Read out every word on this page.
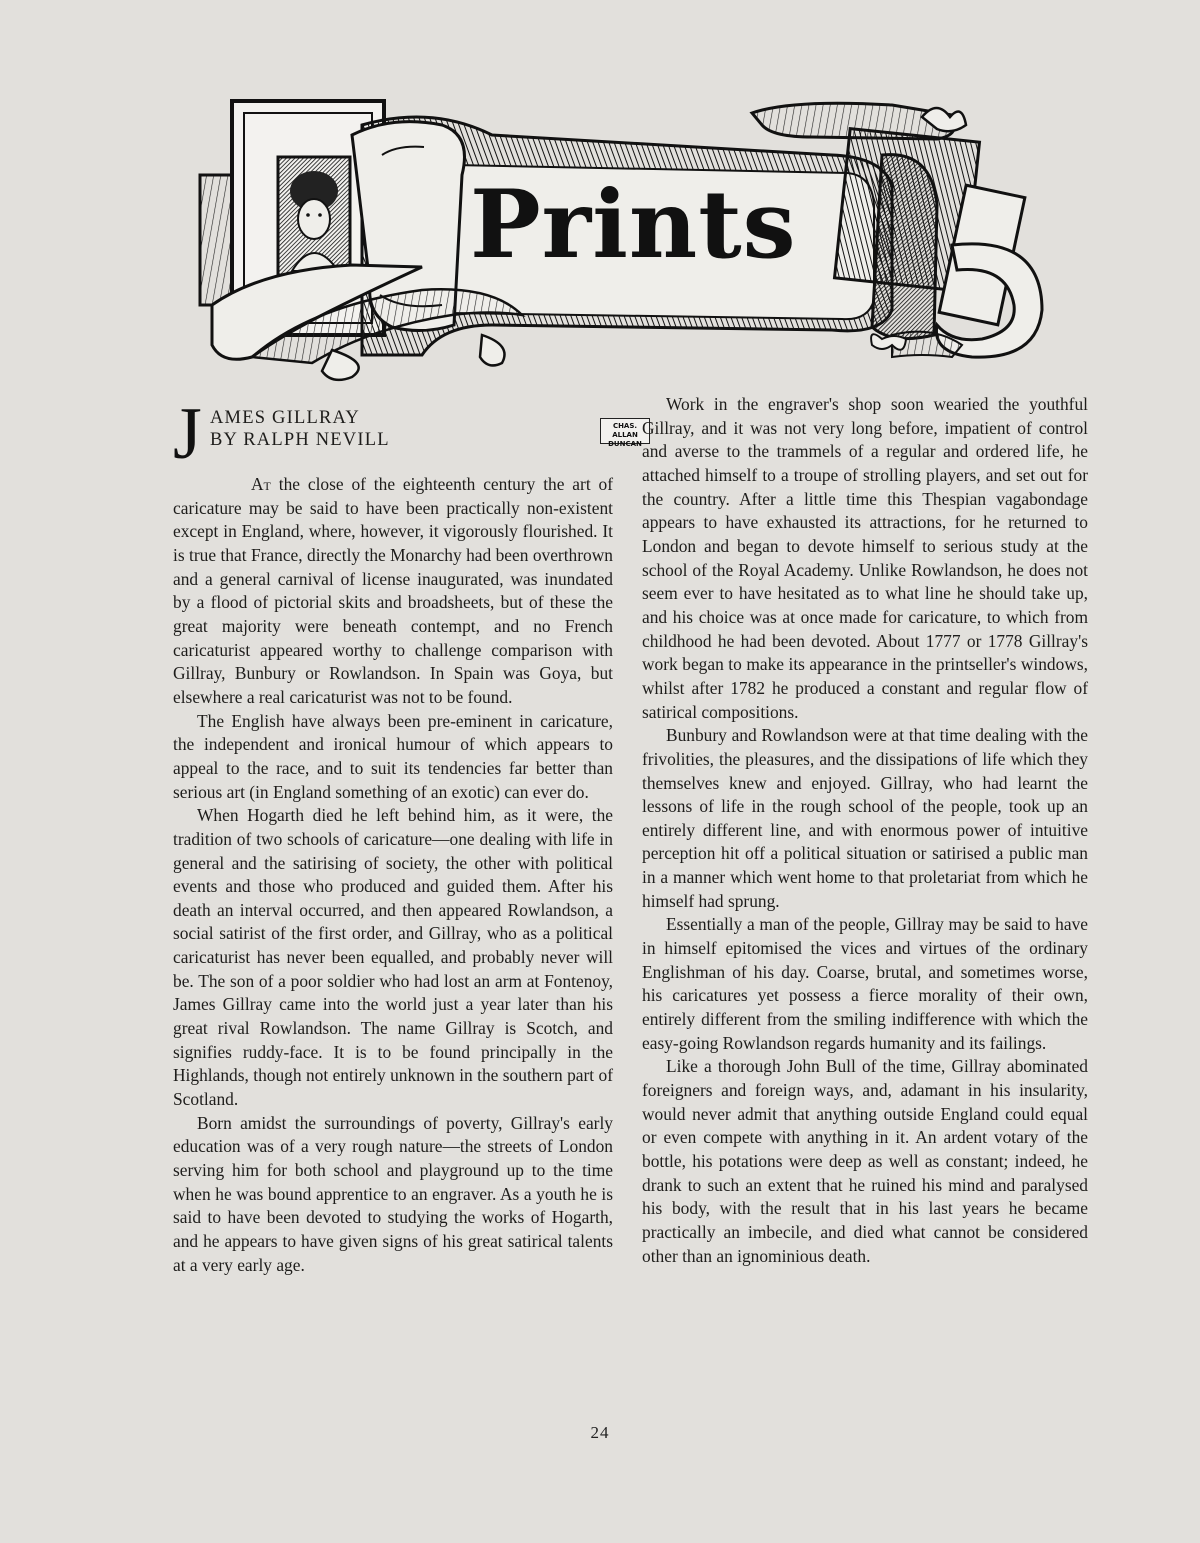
CHAS. ALLAN DUNCAN
Prints
J AMES GILLRAY
BY RALPH NEVILL

At the close of the eighteenth century the art of caricature may be said to have been practically non-existent except in England, where, however, it vigorously flourished. It is true that France, directly the Monarchy had been overthrown and a general carnival of license inaugurated, was inundated by a flood of pictorial skits and broadsheets, but of these the great majority were beneath contempt, and no French caricaturist appeared worthy to challenge comparison with Gillray, Bunbury or Rowlandson. In Spain was Goya, but elsewhere a real caricaturist was not to be found.

The English have always been pre-eminent in caricature, the independent and ironical humour of which appears to appeal to the race, and to suit its tendencies far better than serious art (in England something of an exotic) can ever do.

When Hogarth died he left behind him, as it were, the tradition of two schools of caricature—one dealing with life in general and the satirising of society, the other with political events and those who produced and guided them. After his death an interval occurred, and then appeared Rowlandson, a social satirist of the first order, and Gillray, who as a political caricaturist has never been equalled, and probably never will be. The son of a poor soldier who had lost an arm at Fontenoy, James Gillray came into the world just a year later than his great rival Rowlandson. The name Gillray is Scotch, and signifies ruddy-face. It is to be found principally in the Highlands, though not entirely unknown in the southern part of Scotland.

Born amidst the surroundings of poverty, Gillray's early education was of a very rough nature—the streets of London serving him for both school and playground up to the time when he was bound apprentice to an engraver. As a youth he is said to have been devoted to studying the works of Hogarth, and he appears to have given signs of his great satirical talents at a very early age.

Work in the engraver's shop soon wearied the youthful Gillray, and it was not very long before, impatient of control and averse to the trammels of a regular and ordered life, he attached himself to a troupe of strolling players, and set out for the country. After a little time this Thespian vagabondage appears to have exhausted its attractions, for he returned to London and began to devote himself to serious study at the school of the Royal Academy. Unlike Rowlandson, he does not seem ever to have hesitated as to what line he should take up, and his choice was at once made for caricature, to which from childhood he had been devoted. About 1777 or 1778 Gillray's work began to make its appearance in the printseller's windows, whilst after 1782 he produced a constant and regular flow of satirical compositions.

Bunbury and Rowlandson were at that time dealing with the frivolities, the pleasures, and the dissipations of life which they themselves knew and enjoyed. Gillray, who had learnt the lessons of life in the rough school of the people, took up an entirely different line, and with enormous power of intuitive perception hit off a political situation or satirised a public man in a manner which went home to that proletariat from which he himself had sprung.

Essentially a man of the people, Gillray may be said to have in himself epitomised the vices and virtues of the ordinary Englishman of his day. Coarse, brutal, and sometimes worse, his caricatures yet possess a fierce morality of their own, entirely different from the smiling indifference with which the easy-going Rowlandson regards humanity and its failings.

Like a thorough John Bull of the time, Gillray abominated foreigners and foreign ways, and, adamant in his insularity, would never admit that anything outside England could equal or even compete with anything in it. An ardent votary of the bottle, his potations were deep as well as constant; indeed, he drank to such an extent that he ruined his mind and paralysed his body, with the result that in his last years he became practically an imbecile, and died what cannot be considered other than an ignominious death.

24
